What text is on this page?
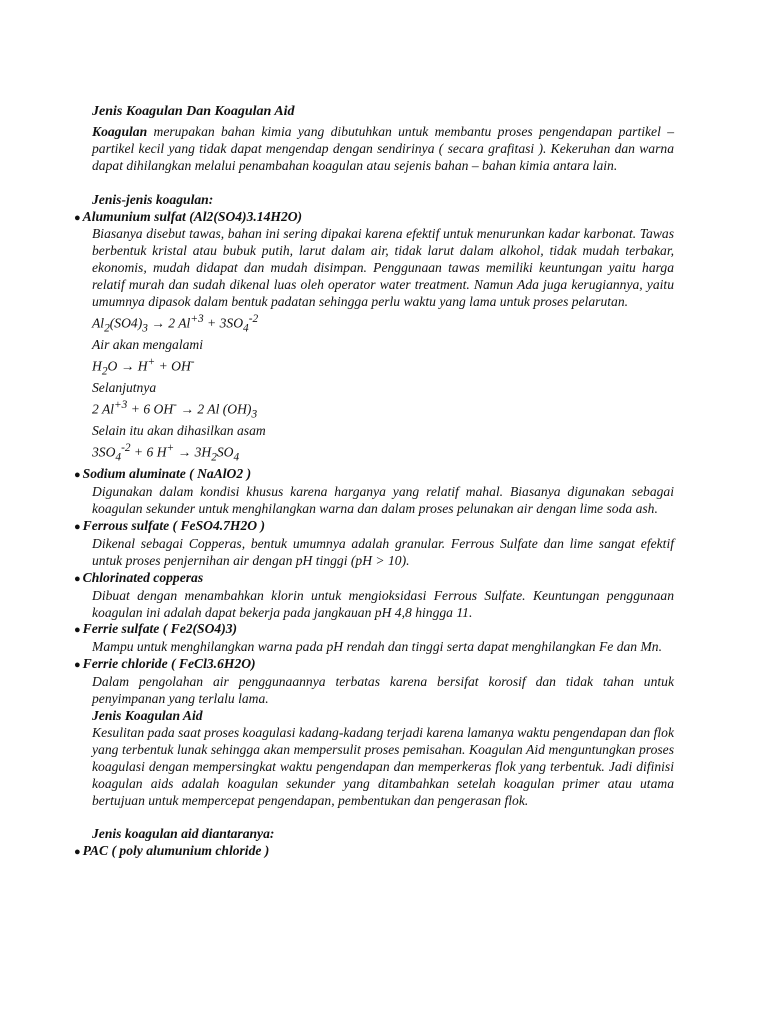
Jenis Koagulan Dan Koagulan Aid
Koagulan merupakan bahan kimia yang dibutuhkan untuk membantu proses pengendapan partikel – partikel kecil yang tidak dapat mengendap dengan sendirinya ( secara grafitasi ). Kekeruhan dan warna dapat dihilangkan melalui penambahan koagulan atau sejenis bahan – bahan kimia antara lain.
Jenis-jenis koagulan:
● Alumunium sulfat (Al2(SO4)3.14H2O)
Biasanya disebut tawas, bahan ini sering dipakai karena efektif untuk menurunkan kadar karbonat. Tawas berbentuk kristal atau bubuk putih, larut dalam air, tidak larut dalam alkohol, tidak mudah terbakar, ekonomis, mudah didapat dan mudah disimpan. Penggunaan tawas memiliki keuntungan yaitu harga relatif murah dan sudah dikenal luas oleh operator water treatment. Namun Ada juga kerugiannya, yaitu umumnya dipasok dalam bentuk padatan sehingga perlu waktu yang lama untuk proses pelarutan.
$Al_2(SO4)_3 \to 2$ $Al^{+3} + 3SO_4^{-2}$
Air akan mengalami
$H_2O \to H^+ + OH^-$
Selanjutnya
2 $Al^{+3} + 6$ OH- → 2 Al $(OH)_3$
Selain itu akan dihasilkan asam
$3SO_4^{-2} + 6$ $H^+ \to 3H_2SO_4$
● Sodium aluminate ( NaAlO2 )
Digunakan dalam kondisi khusus karena harganya yang relatif mahal. Biasanya digunakan sebagai koagulan sekunder untuk menghilangkan warna dan dalam proses pelunakan air dengan lime soda ash.
● Ferrous sulfate ( FeSO4.7H2O )
Dikenal sebagai Copperas, bentuk umumnya adalah granular. Ferrous Sulfate dan lime sangat efektif untuk proses penjernihan air dengan pH tinggi (pH > 10).
● Chlorinated copperas
Dibuat dengan menambahkan klorin untuk mengioksidasi Ferrous Sulfate. Keuntungan penggunaan koagulan ini adalah dapat bekerja pada jangkauan pH 4,8 hingga 11.
● Ferrie sulfate ( Fe2(SO4)3)
Mampu untuk menghilangkan warna pada pH rendah dan tinggi serta dapat menghilangkan Fe dan Mn.
● Ferrie chloride ( FeCl3.6H2O)
Dalam pengolahan air penggunaannya terbatas karena bersifat korosif dan tidak tahan untuk penyimpanan yang terlalu lama.
Jenis Koagulan Aid
Kesulitan pada saat proses koagulasi kadang-kadang terjadi karena lamanya waktu pengendapan dan flok yang terbentuk lunak sehingga akan mempersulit proses pemisahan. Koagulan Aid menguntungkan proses koagulasi dengan mempersingkat waktu pengendapan dan memperkeras flok yang terbentuk. Jadi difinisi koagulan aids adalah koagulan sekunder yang ditambahkan setelah koagulan primer atau utama bertujuan untuk mempercepat pengendapan, pembentukan dan pengerasan flok.
Jenis koagulan aid diantaranya:
● PAC ( poly alumunium chloride )
